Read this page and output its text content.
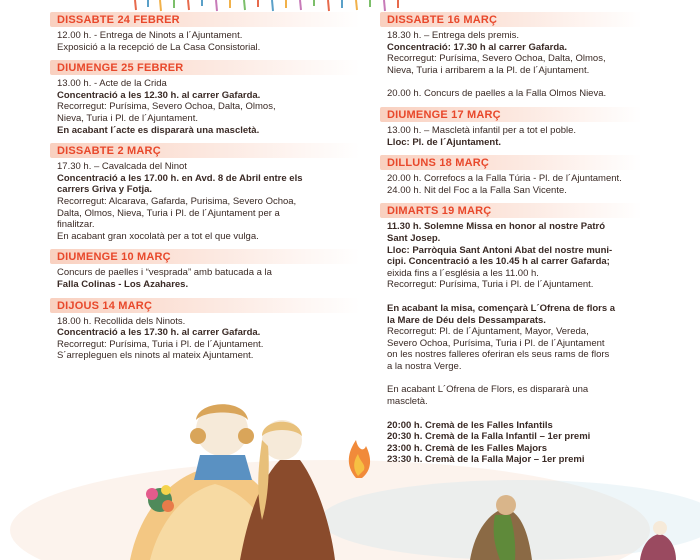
DISSABTE 24 FEBRER
12.00 h. - Entrega de Ninots a l´Ajuntament.
Exposició a la recepció de La Casa Consistorial.
DIUMENGE 25 FEBRER
13.00 h. - Acte de la Crida
Concentració a les 12.30 h. al carrer Gafarda.
Recorregut: Purísima, Severo Ochoa, Dalta, Olmos,
Nieva, Turia i Pl. de l´Ajuntament.
En acabant l´acte es dispararà una mascletà.
DISSABTE 2 MARÇ
17.30 h. – Cavalcada del Ninot
Concentració a les 17.00 h. en Avd. 8 de Abril entre els
carrers Griva y Fotja.
Recorregut: Alcarava, Gafarda, Purisima, Severo Ochoa,
Dalta, Olmos, Nieva, Turia i Pl. de l´Ajuntament per a
finalitzar.
En acabant gran xocolatà per a tot el que vulga.
DIUMENGE 10 MARÇ
Concurs de paelles i “vesprada” amb batucada a la
Falla Colinas - Los Azahares.
DIJOUS 14 MARÇ
18.00 h. Recollida dels Ninots.
Concentració a les 17.30 h. al carrer Gafarda.
Recorregut: Purísima, Turia i Pl. de l´Ajuntament.
S´arrepleguen els ninots al mateix Ajuntament.
DISSABTE 16 MARÇ
18.30 h. – Entrega dels premis.
Concentració: 17.30 h al carrer Gafarda.
Recorregut: Purísima, Severo Ochoa, Dalta, Olmos,
Nieva, Turia i arribarem a la Pl. de l´Ajuntament.
20.00 h. Concurs de paelles a la Falla Olmos Nieva.
DIUMENGE 17 MARÇ
13.00 h. – Mascletà infantil per a tot el poble.
Lloc: Pl. de l´Ajuntament.
DILLUNS 18 MARÇ
20.00 h. Correfocs a la Falla Túria - Pl. de l´Ajuntament.
24.00 h. Nit del Foc a la Falla San Vicente.
DIMARTS 19 MARÇ
11.30 h. Solemne Missa en honor al nostre Patró
Sant Josep.
Lloc: Parròquia Sant Antoni Abat del nostre muni-
cipi. Concentració a les 10.45 h al carrer Gafarda;
eixida fins a l´església a les 11.00 h.
Recorregut: Purísima, Turia i Pl. de l´Ajuntament.
En acabant la misa, començarà L´Ofrena de flors a
la Mare de Déu dels Dessamparats.
Recorregut: Pl. de l´Ajuntament, Mayor, Vereda,
Severo Ochoa, Purísima, Turia i Pl. de l´Ajuntament
on les nostres falleres oferiran els seus rams de flors
a la nostra Verge.
En acabant L´Ofrena de Flors, es dispararà una
mascletà.
20:00 h. Cremà de les Falles Infantils
20:30 h. Cremà de la Falla Infantil – 1er premi
23:00 h. Cremà de les Falles Majors
23:30 h. Cremà de la Falla Major – 1er premi
